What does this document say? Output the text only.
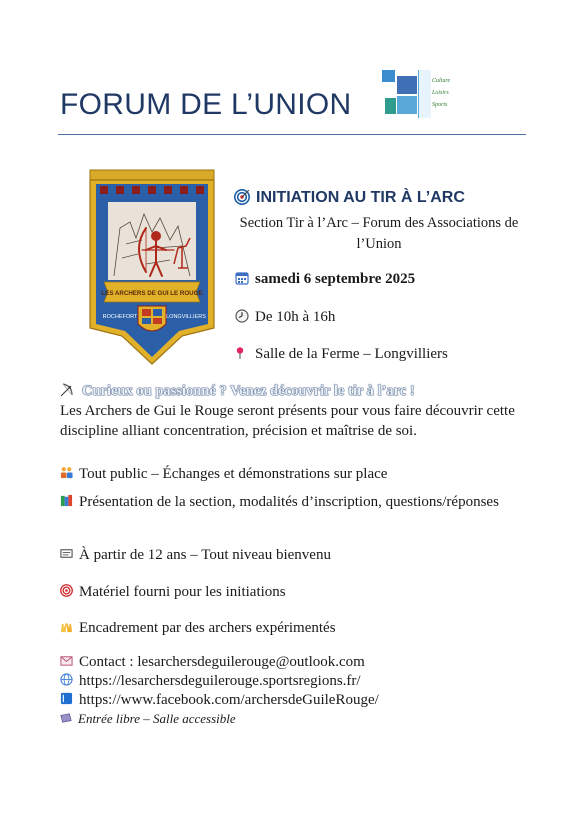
FORUM DE L’UNION
Culture
Loisirs
Sports
LES ARCHERS DE GUI LE ROUGE
ROCHEFORT	LONGVILLIERS
INITIATION AU TIR À L’ARC
Section Tir à l’Arc – Forum des Associations de l’Union
samedi 6 septembre 2025
De 10h à 16h
Salle de la Ferme – Longvilliers
Curieux ou passionné ? Venez découvrir le tir à l’arc !
Les Archers de Gui le Rouge seront présents pour vous faire découvrir cette discipline alliant concentration, précision et maîtrise de soi.
Tout public – Échanges et démonstrations sur place
Présentation de la section, modalités d’inscription, questions/réponses
À partir de 12 ans – Tout niveau bienvenu
Matériel fourni pour les initiations
Encadrement par des archers expérimentés
Contact : lesarchersdeguilerouge@outlook.com
https://lesarchersdeguilerouge.sportsregions.fr/
https://www.facebook.com/archersdeGuileRouge/
Entrée libre – Salle accessible
